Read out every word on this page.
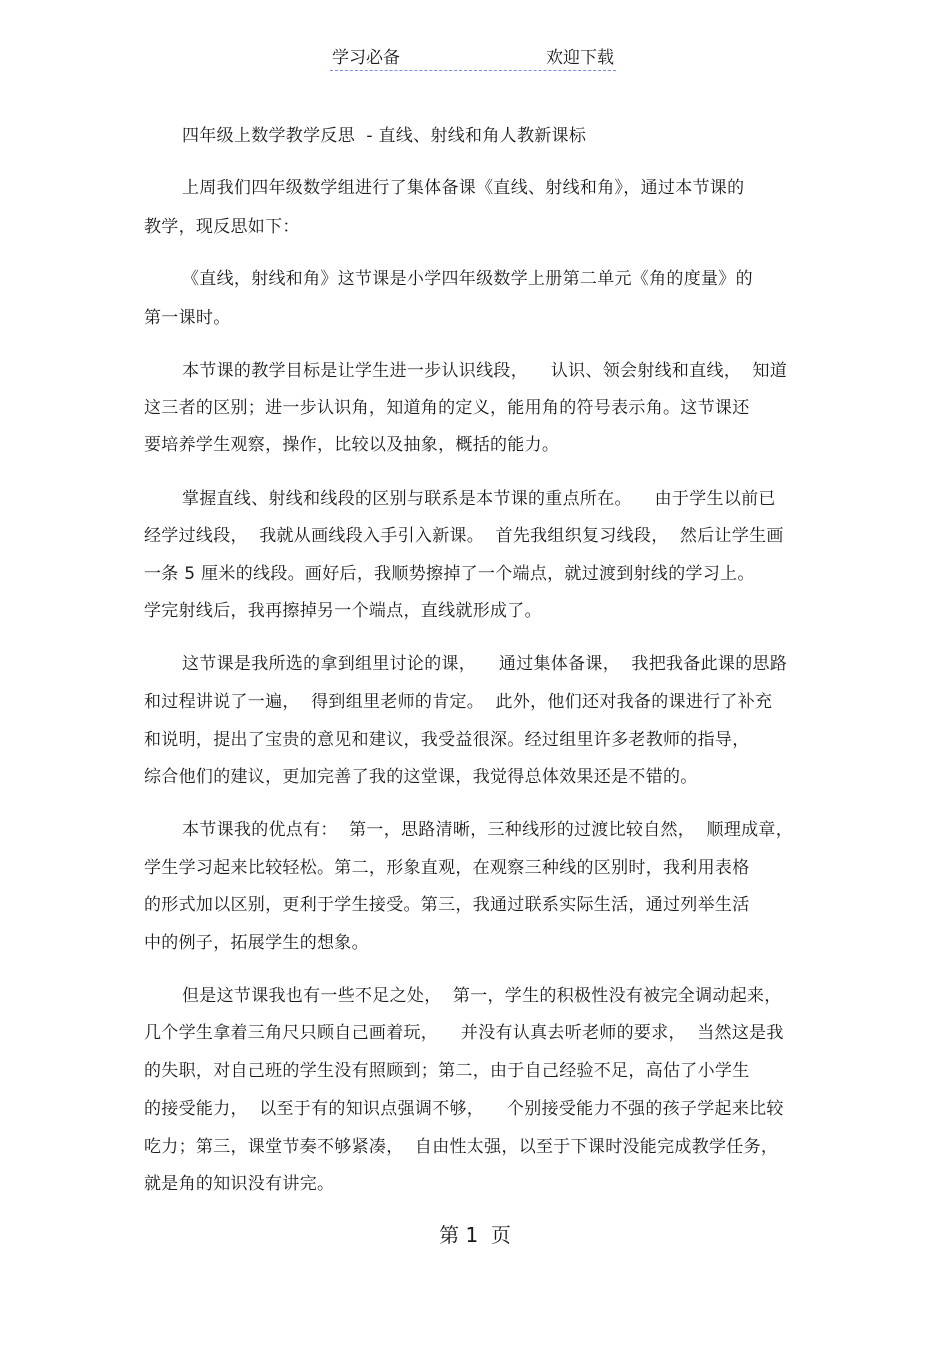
学习必备	欢迎下载
四年级上数学教学反思  - 直线、射线和角人教新课标
上周我们四年级数学组进行了集体备课《直线、射线和角》，通过本节课的
教学，现反思如下：
《直线，射线和角》这节课是小学四年级数学上册第二单元《角的度量》的
第一课时。
本节课的教学目标是让学生进一步认识线段，    认识、领会射线和直线，  知道
这三者的区别；进一步认识角，知道角的定义，能用角的符号表示角。这节课还
要培养学生观察，操作，比较以及抽象，概括的能力。
掌握直线、射线和线段的区别与联系是本节课的重点所在。    由于学生以前已
经学过线段，  我就从画线段入手引入新课。  首先我组织复习线段，  然后让学生画
一条 5 厘米的线段。画好后，我顺势擦掉了一个端点，就过渡到射线的学习上。
学完射线后，我再擦掉另一个端点，直线就形成了。
这节课是我所选的拿到组里讨论的课，    通过集体备课，  我把我备此课的思路
和过程讲说了一遍，  得到组里老师的肯定。  此外，他们还对我备的课进行了补充
和说明，提出了宝贵的意见和建议，我受益很深。经过组里许多老教师的指导，
综合他们的建议，更加完善了我的这堂课，我觉得总体效果还是不错的。
本节课我的优点有：  第一，思路清晰，三种线形的过渡比较自然，  顺理成章，
学生学习起来比较轻松。第二，形象直观，在观察三种线的区别时，我利用表格
的形式加以区别，更利于学生接受。第三，我通过联系实际生活，通过列举生活
中的例子，拓展学生的想象。
但是这节课我也有一些不足之处，  第一，学生的积极性没有被完全调动起来，
几个学生拿着三角尺只顾自己画着玩，    并没有认真去听老师的要求，  当然这是我
的失职，对自己班的学生没有照顾到；第二，由于自己经验不足，高估了小学生
的接受能力，  以至于有的知识点强调不够，    个别接受能力不强的孩子学起来比较
吃力；第三，课堂节奏不够紧凑，  自由性太强，以至于下课时没能完成教学任务，
就是角的知识没有讲完。
第 1  页
